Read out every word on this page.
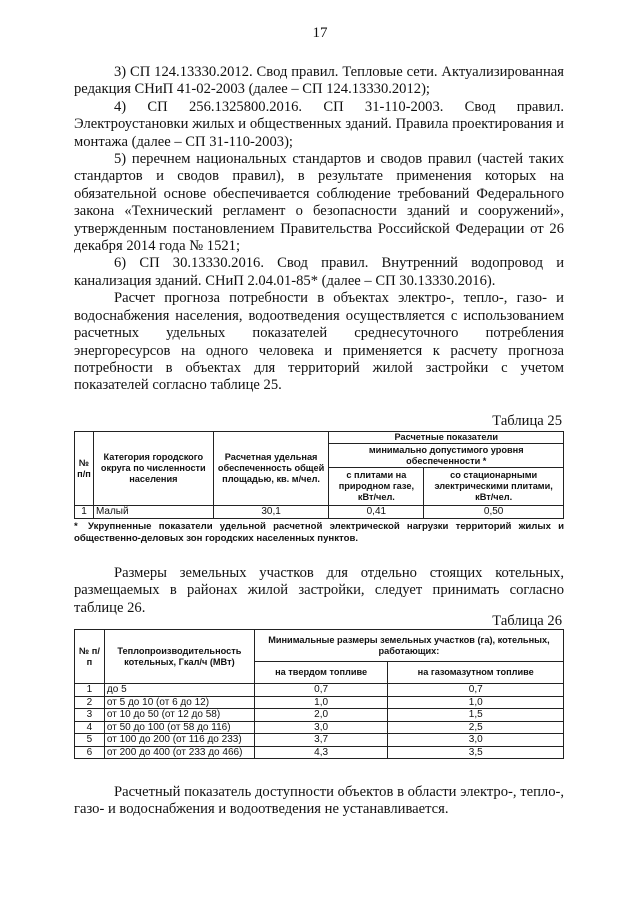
17

3) СП 124.13330.2012. Свод правил. Тепловые сети. Актуализированная редакция СНиП 41-02-2003 (далее – СП 124.13330.2012);

4) СП 256.1325800.2016. СП 31-110-2003. Свод правил. Электроустановки жилых и общественных зданий. Правила проектирования и монтажа (далее – СП 31-110-2003);

5) перечнем национальных стандартов и сводов правил (частей таких стандартов и сводов правил), в результате применения которых на обязательной основе обеспечивается соблюдение требований Федерального закона «Технический регламент о безопасности зданий и сооружений», утвержденным постановлением Правительства Российской Федерации от 26 декабря 2014 года № 1521;

6) СП 30.13330.2016. Свод правил. Внутренний водопровод и канализация зданий. СНиП 2.04.01-85* (далее – СП 30.13330.2016).

Расчет прогноза потребности в объектах электро-, тепло-, газо- и водоснабжения населения, водоотведения осуществляется с использованием расчетных удельных показателей среднесуточного потребления энергоресурсов на одного человека и применяется к расчету прогноза потребности в объектах для территорий жилой застройки с учетом показателей согласно таблице 25.

Таблица 25
№ п/п	Категория городского округа по численности населения	Расчетная удельная обеспеченность общей площадью, кв. м/чел.	Расчетные показатели	
			минимально допустимого уровня обеспеченности *	
			с плитами на природном газе, кВт/чел.	со стационарными электрическими плитами, кВт/чел.
1	Малый	30,1	0,41	0,50
* Укрупненные показатели удельной расчетной электрической нагрузки территорий жилых и общественно-деловых зон городских населенных пунктов.

Размеры земельных участков для отдельно стоящих котельных, размещаемых в районах жилой застройки, следует принимать согласно таблице 26.

Таблица 26
№ п/п	Теплопроизводительность котельных, Гкал/ч (МВт)	Минимальные размеры земельных участков (га), котельных, работающих:	
		на твердом топливе	на газомазутном топливе
1	до 5	0,7	0,7
2	от 5 до 10 (от 6 до 12)	1,0	1,0
3	от 10 до 50 (от 12 до 58)	2,0	1,5
4	от 50 до 100 (от 58 до 116)	3,0	2,5
5	от 100 до 200 (от 116 до 233)	3,7	3,0
6	от 200 до 400 (от 233 до 466)	4,3	3,5

Расчетный показатель доступности объектов в области электро-, тепло-, газо- и водоснабжения и водоотведения не устанавливается.
